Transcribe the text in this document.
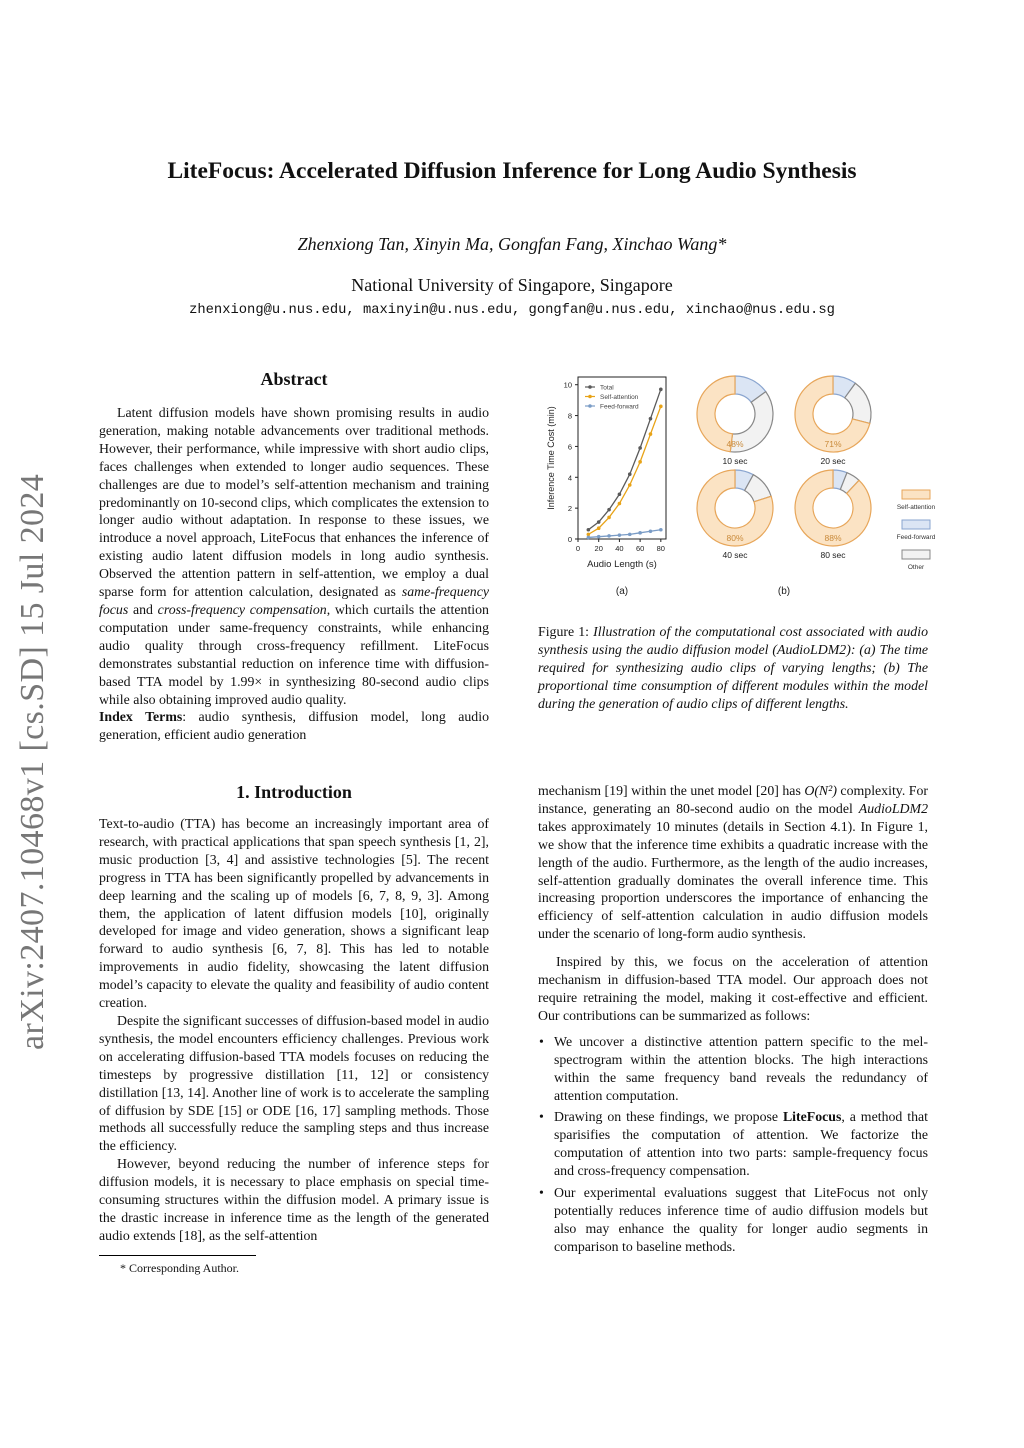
LiteFocus: Accelerated Diffusion Inference for Long Audio Synthesis
Zhenxiong Tan, Xinyin Ma, Gongfan Fang, Xinchao Wang*
National University of Singapore, Singapore
zhenxiong@u.nus.edu, maxinyin@u.nus.edu, gongfan@u.nus.edu, xinchao@nus.edu.sg
arXiv:2407.10468v1 [cs.SD] 15 Jul 2024
Abstract

Latent diffusion models have shown promising results in audio generation, making notable advancements over traditional methods. However, their performance, while impressive with short audio clips, faces challenges when extended to longer audio sequences. These challenges are due to model’s self-attention mechanism and training predominantly on 10-second clips, which complicates the extension to longer audio without adaptation. In response to these issues, we introduce a novel approach, LiteFocus that enhances the inference of existing audio latent diffusion models in long audio synthesis. Observed the attention pattern in self-attention, we employ a dual sparse form for attention calculation, designated as same-frequency focus and cross-frequency compensation, which curtails the attention computation under same-frequency constraints, while enhancing audio quality through cross-frequency refillment. LiteFocus demonstrates substantial reduction on inference time with diffusion-based TTA model by 1.99× in synthesizing 80-second audio clips while also obtaining improved audio quality.

Index Terms: audio synthesis, diffusion model, long audio generation, efficient audio generation

1. Introduction

Text-to-audio (TTA) has become an increasingly important area of research, with practical applications that span speech synthesis [1, 2], music production [3, 4] and assistive technologies [5]. The recent progress in TTA has been significantly propelled by advancements in deep learning and the scaling up of models [6, 7, 8, 9, 3]. Among them, the application of latent diffusion models [10], originally developed for image and video generation, shows a significant leap forward to audio synthesis [6, 7, 8]. This has led to notable improvements in audio fidelity, showcasing the latent diffusion model’s capacity to elevate the quality and feasibility of audio content creation.

Despite the significant successes of diffusion-based model in audio synthesis, the model encounters efficiency challenges. Previous work on accelerating diffusion-based TTA models focuses on reducing the timesteps by progressive distillation [11, 12] or consistency distillation [13, 14]. Another line of work is to accelerate the sampling of diffusion by SDE [15] or ODE [16, 17] sampling methods. Those methods all successfully reduce the sampling steps and thus increase the efficiency.

However, beyond reducing the number of inference steps for diffusion models, it is necessary to place emphasis on special time-consuming structures within the diffusion model. A primary issue is the drastic increase in inference time as the length of the generated audio extends [18], as the self-attention

* Corresponding Author.
Inference Time Cost (min)
Audio Length (s)
(a)
0
2
4
6
8
10
0 20 40 60 80
Total
Self-attention
Feed-forward
(b)
48%
10 sec
71%
20 sec
80%
40 sec
88%
80 sec
Self-attention
Feed-forward
Other
Figure 1: Illustration of the computational cost associated with audio synthesis using the audio diffusion model (AudioLDM2): (a) The time required for synthesizing audio clips of varying lengths; (b) The proportional time consumption of different modules within the model during the generation of audio clips of different lengths.

mechanism [19] within the unet model [20] has O(N²) complexity. For instance, generating an 80-second audio on the model AudioLDM2 takes approximately 10 minutes (details in Section 4.1). In Figure 1, we show that the inference time exhibits a quadratic increase with the length of the audio. Furthermore, as the length of the audio increases, self-attention gradually dominates the overall inference time. This increasing proportion underscores the importance of enhancing the efficiency of self-attention calculation in audio diffusion models under the scenario of long-form audio synthesis.

Inspired by this, we focus on the acceleration of attention mechanism in diffusion-based TTA model. Our approach does not require retraining the model, making it cost-effective and efficient. Our contributions can be summarized as follows:

• We uncover a distinctive attention pattern specific to the mel-spectrogram within the attention blocks. The high interactions within the same frequency band reveals the redundancy of attention computation.
• Drawing on these findings, we propose LiteFocus, a method that sparisifies the computation of attention. We factorize the computation of attention into two parts: sample-frequency focus and cross-frequency compensation.
• Our experimental evaluations suggest that LiteFocus not only potentially reduces inference time of audio diffusion models but also may enhance the quality for longer audio segments in comparison to baseline methods.
